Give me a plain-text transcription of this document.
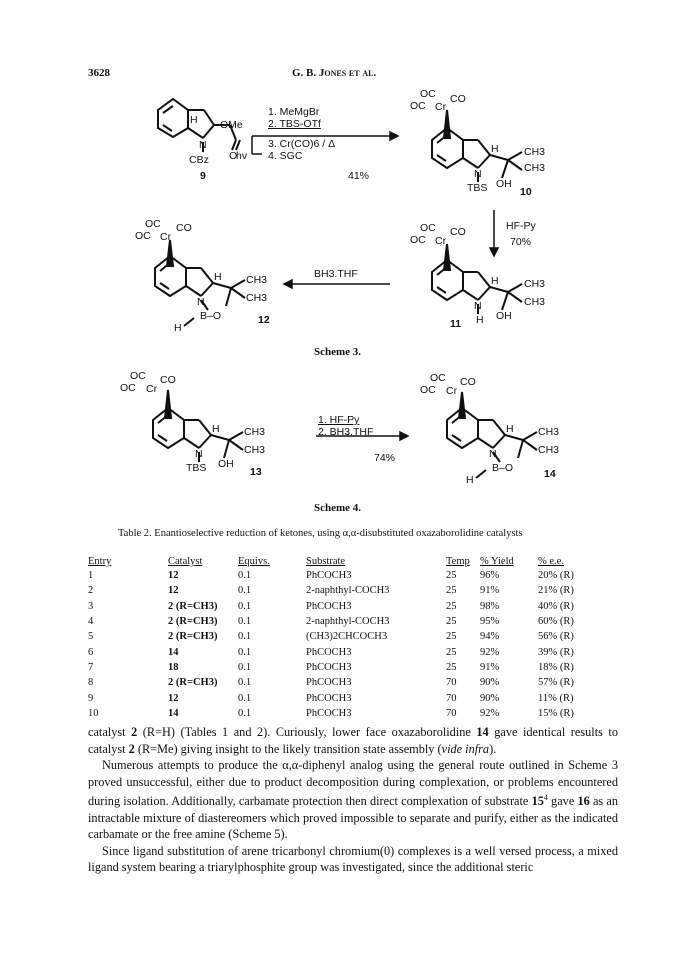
3628	G. B. Jones et al.
H OMe
N
O
CBz
9
hv
1. MeMgBr
2. TBS-OTf
3. Cr(CO)6 / Δ
4. SGC
41%
OC CO
OC Cr
H CH3
CH3
N
TBS OH
10
HF-Py
70%
OC CO
OC Cr
H CH3
CH3
N
H OH
11
BH3.THF
OC CO
OC Cr
H CH3
CH3
N
B–O
H
12
Scheme 3.
OC CO
OC Cr
H CH3
CH3
N
TBS OH
13
1. HF-Py
2. BH3.THF
74%
OC CO
OC Cr
H CH3
CH3
N
B–O
H	14
Scheme 4.
Table 2. Enantioselective reduction of ketones, using α,α-disubstituted oxazaborolidine catalysts
Entry	Catalyst	Equivs.	Substrate	Temp	% Yield	% e.e.
1	12	0.1	PhCOCH3	25	96%	20% (R)
2	12	0.1	2-naphthyl-COCH3	25	91%	21% (R)
3	2 (R=CH3)	0.1	PhCOCH3	25	98%	40% (R)
4	2 (R=CH3)	0.1	2-naphthyl-COCH3	25	95%	60% (R)
5	2 (R=CH3)	0.1	(CH3)2CHCOCH3	25	94%	56% (R)
6	14	0.1	PhCOCH3	25	92%	39% (R)
7	18	0.1	PhCOCH3	25	91%	18% (R)
8	2 (R=CH3)	0.1	PhCOCH3	70	90%	57% (R)
9	12	0.1	PhCOCH3	70	90%	11% (R)
10	14	0.1	PhCOCH3	70	92%	15% (R)

catalyst 2 (R=H) (Tables 1 and 2). Curiously, lower face oxazaborolidine 14 gave identical results to catalyst 2 (R=Me) giving insight to the likely transition state assembly (vide infra).

Numerous attempts to produce the α,α-diphenyl analog using the general route outlined in Scheme 3 proved unsuccessful, either due to product decomposition during complexation, or problems encountered during isolation. Additionally, carbamate protection then direct complexation of substrate $15^4$ gave 16 as an intractable mixture of diastereomers which proved impossible to separate and purify, either as the indicated carbamate or the free amine (Scheme 5).

Since ligand substitution of arene tricarbonyl chromium(0) complexes is a well versed process, a mixed ligand system bearing a triarylphosphite group was investigated, since the additional steric
